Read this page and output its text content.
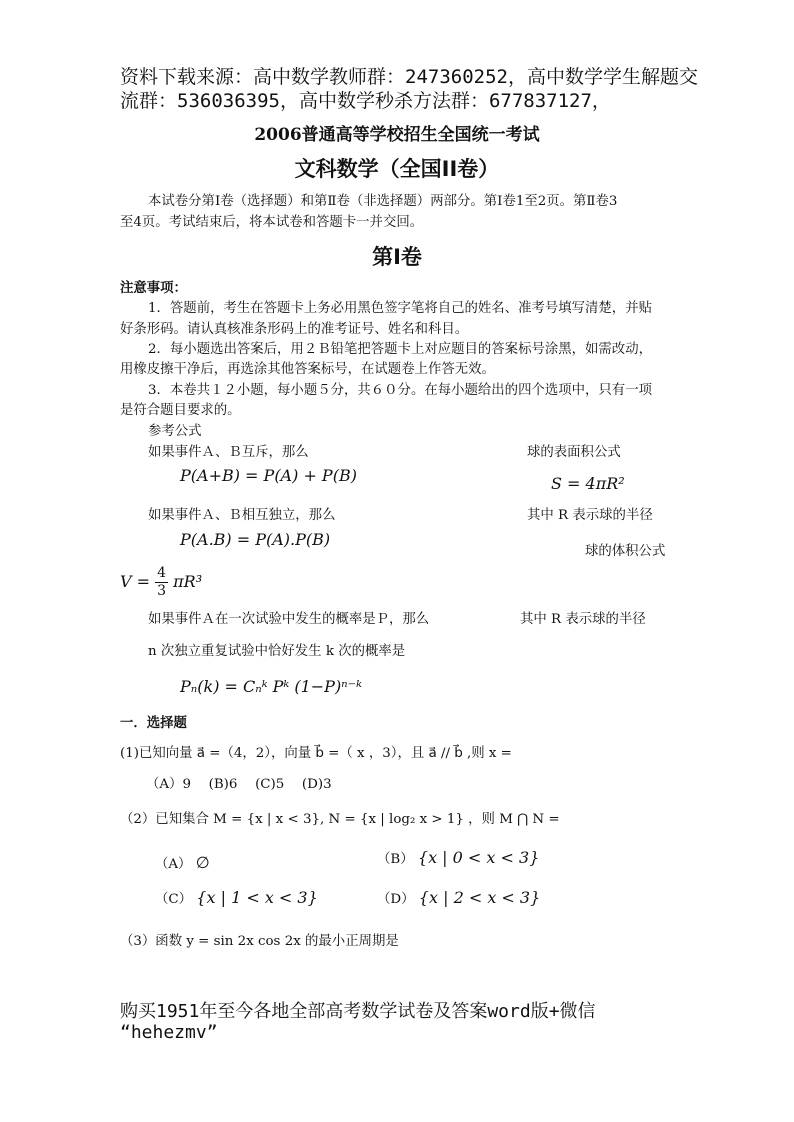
资料下载来源：高中数学教师群：247360252，高中数学学生解题交
流群：536036395，高中数学秒杀方法群：677837127，
2006普通高等学校招生全国统一考试
文科数学（全国II卷）
本试卷分第Ⅰ卷（选择题）和第Ⅱ卷（非选择题）两部分。第Ⅰ卷1至2页。第Ⅱ卷3
至4页。考试结束后，将本试卷和答题卡一并交回。
第Ⅰ卷
注意事项：
1．答题前，考生在答题卡上务必用黑色签字笔将自己的姓名、准考号填写清楚，并贴
好条形码。请认真核准条形码上的准考证号、姓名和科目。
2．每小题选出答案后，用２Ｂ铅笔把答题卡上对应题目的答案标号涂黑，如需改动，
用橡皮擦干净后，再选涂其他答案标号，在试题卷上作答无效。
3．本卷共１２小题，每小题５分，共６０分。在每小题给出的四个选项中，只有一项
是符合题目要求的。
参考公式
如果事件Ａ、Ｂ互斥，那么	球的表面积公式
P(A+B) = P(A) + P(B)	S = 4πR²
如果事件Ａ、Ｂ相互独立，那么	其中 R 表示球的半径
P(A.B) = P(A).P(B)
球的体积公式
$V = \frac{4}{3} \pi R^3$
如果事件Ａ在一次试验中发生的概率是Ｐ，那么	其中 R 表示球的半径
n 次独立重复试验中恰好发生 k 次的概率是
Pₙ(k) = Cₙᵏ Pᵏ (1−P)ⁿ⁻ᵏ
一．选择题
(1)已知向量 a⃗ =（4，2），向量 b⃗ =（ x ，3），且 a⃗ // b⃗ ,则 x =
（A）9　 (B)6　 (C)5　 (D)3
（2）已知集合 M = {x | x < 3}, N = {x | log₂ x > 1} ，则 M ⋂ N =
（A） ∅	（B） {x | 0 < x < 3}
（C） {x | 1 < x < 3}	（D） {x | 2 < x < 3}
（3）函数 y = sin 2x cos 2x 的最小正周期是
购买1951年至今各地全部高考数学试卷及答案word版+微信
“hehezmv”
